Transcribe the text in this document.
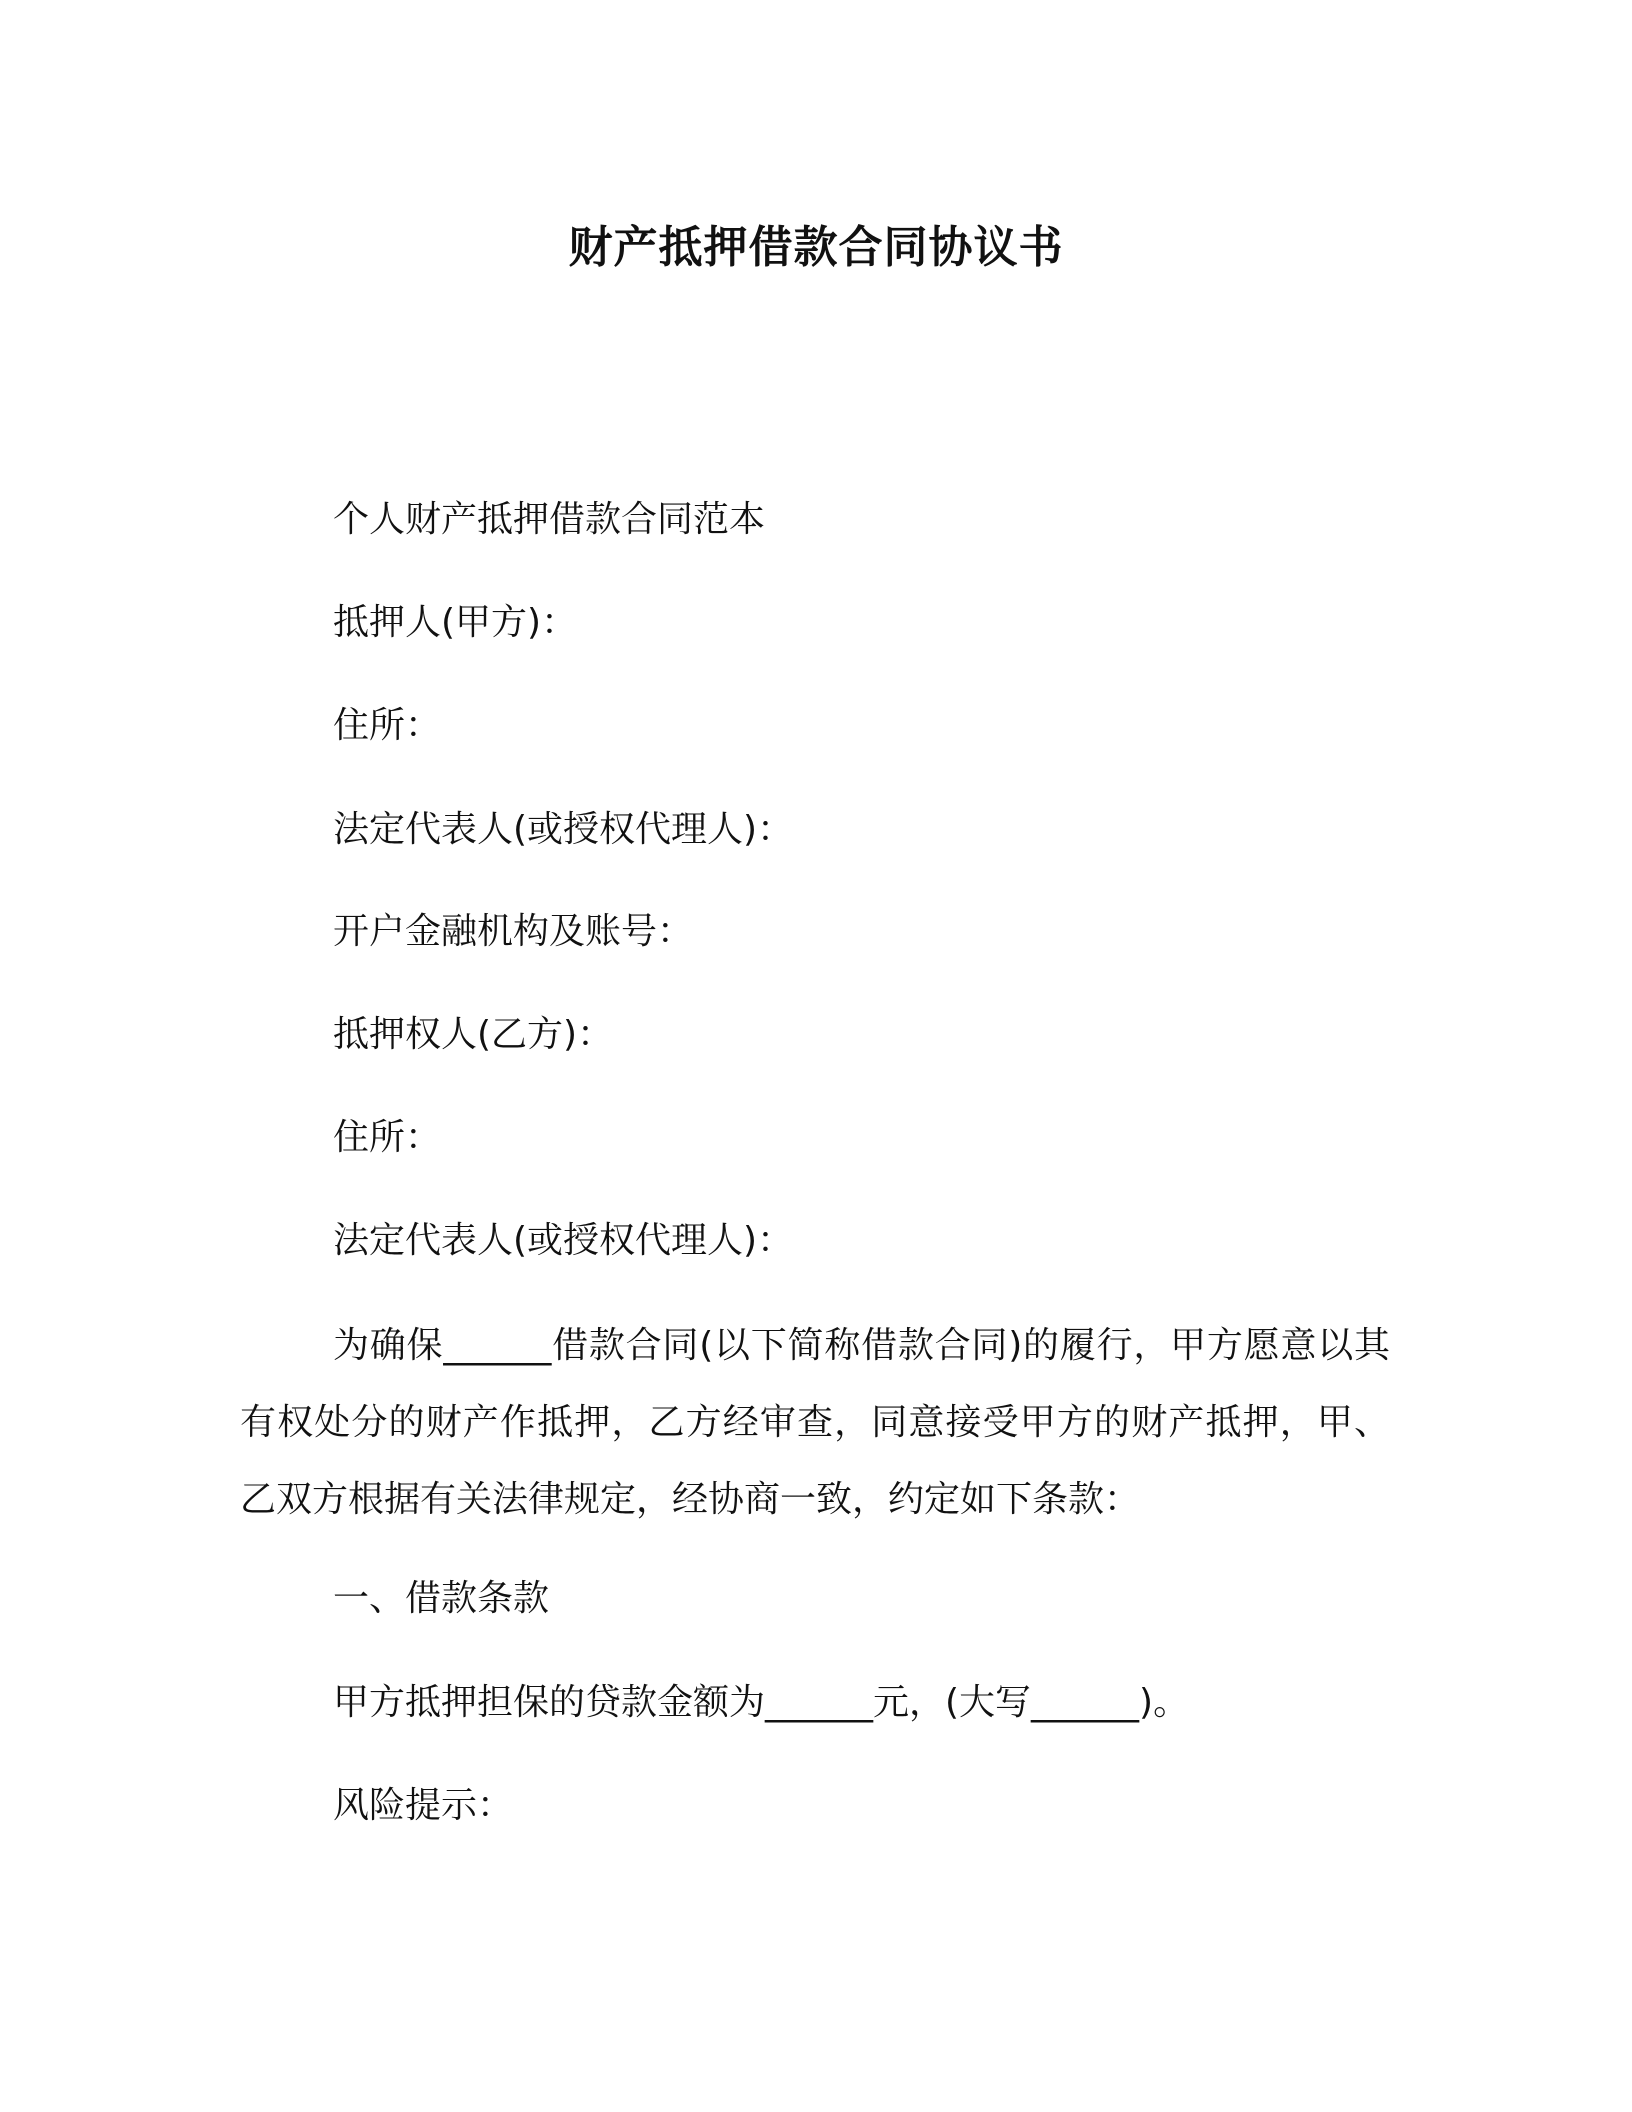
财产抵押借款合同协议书

个人财产抵押借款合同范本

抵押人(甲方)：

住所：

法定代表人(或授权代理人)：

开户金融机构及账号：

抵押权人(乙方)：

住所：

法定代表人(或授权代理人)：

为确保______借款合同(以下简称借款合同)的履行，甲方愿意以其有权处分的财产作抵押，乙方经审查，同意接受甲方的财产抵押，甲、乙双方根据有关法律规定，经协商一致，约定如下条款：

一、借款条款

甲方抵押担保的贷款金额为______元，(大写______)。

风险提示：
